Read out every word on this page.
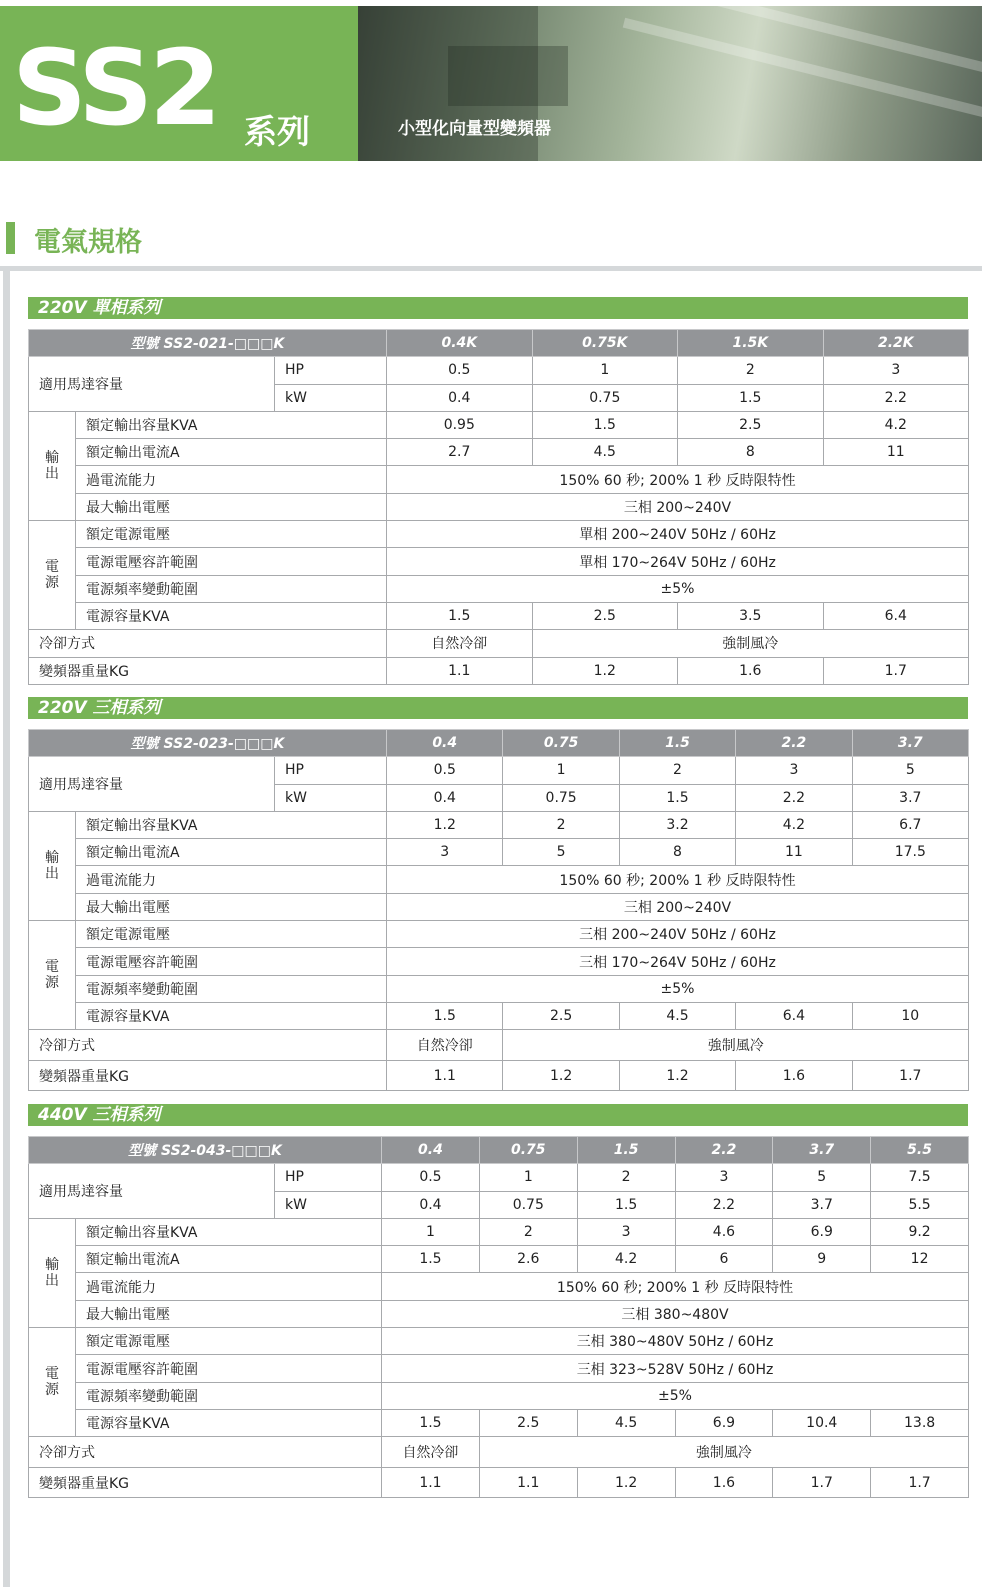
SS2 系列	小型化向量型變頻器
電氣規格
220V 單相系列
型號 SS2-021-□□□K			0.4K	0.75K	1.5K	2.2K
適用馬達容量		HP	0.5	1	2	3
		kW	0.4	0.75	1.5	2.2
輸
出	額定輸出容量KVA		0.95	1.5	2.5	4.2
	額定輸出電流A		2.7	4.5	8	11
	過電流能力		150% 60 秒; 200% 1 秒 反時限特性			
	最大輸出電壓		三相 200~240V			
電
源	額定電源電壓		單相 200~240V 50Hz / 60Hz			
	電源電壓容許範圍		單相 170~264V 50Hz / 60Hz			
	電源頻率變動範圍		±5%			
	電源容量KVA		1.5	2.5	3.5	6.4
冷卻方式			自然冷卻	強制風冷		
變頻器重量KG			1.1	1.2	1.6	1.7
220V 三相系列
型號 SS2-023-□□□K			0.4	0.75	1.5	2.2	3.7
適用馬達容量		HP	0.5	1	2	3	5
		kW	0.4	0.75	1.5	2.2	3.7
輸
出	額定輸出容量KVA		1.2	2	3.2	4.2	6.7
	額定輸出電流A		3	5	8	11	17.5
	過電流能力		150% 60 秒; 200% 1 秒 反時限特性				
	最大輸出電壓		三相 200~240V				
電
源	額定電源電壓		三相 200~240V 50Hz / 60Hz				
	電源電壓容許範圍		三相 170~264V 50Hz / 60Hz				
	電源頻率變動範圍		±5%				
	電源容量KVA		1.5	2.5	4.5	6.4	10
冷卻方式			自然冷卻	強制風冷			
變頻器重量KG			1.1	1.2	1.2	1.6	1.7
440V 三相系列
型號 SS2-043-□□□K			0.4	0.75	1.5	2.2	3.7	5.5
適用馬達容量		HP	0.5	1	2	3	5	7.5
		kW	0.4	0.75	1.5	2.2	3.7	5.5
輸
出	額定輸出容量KVA		1	2	3	4.6	6.9	9.2
	額定輸出電流A		1.5	2.6	4.2	6	9	12
	過電流能力		150% 60 秒; 200% 1 秒 反時限特性					
	最大輸出電壓		三相 380~480V					
電
源	額定電源電壓		三相 380~480V 50Hz / 60Hz					
	電源電壓容許範圍		三相 323~528V 50Hz / 60Hz					
	電源頻率變動範圍		±5%					
	電源容量KVA		1.5	2.5	4.5	6.9	10.4	13.8
冷卻方式			自然冷卻	強制風冷				
變頻器重量KG			1.1	1.1	1.2	1.6	1.7	1.7
